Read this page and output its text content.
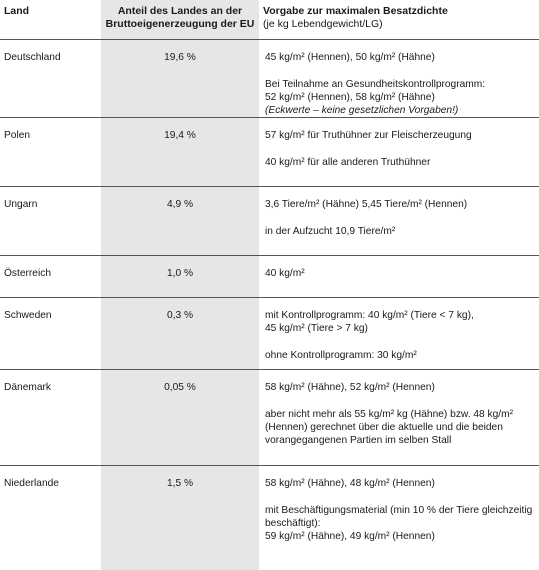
Land	Anteil des Landes an der Bruttoeigenerzeugung der EU	Vorgabe zur maximalen Besatzdichte
(je kg Lebendgewicht/LG)
Deutschland	19,6 %	45 kg/m² (Hennen), 50 kg/m² (Hähne)

Bei Teilnahme an Gesundheitskontrollprogramm:
52 kg/m² (Hennen), 58 kg/m² (Hähne)
(Eckwerte – keine gesetzlichen Vorgaben!)

Polen	19,4 %	57 kg/m² für Truthühner zur Fleischerzeugung

40 kg/m² für alle anderen Truthühner

Ungarn	4,9 %	3,6 Tiere/m² (Hähne) 5,45 Tiere/m² (Hennen)

in der Aufzucht 10,9 Tiere/m²

Österreich	1,0 %	40 kg/m²

Schweden	0,3 %	mit Kontrollprogramm: 40 kg/m² (Tiere < 7 kg),
45 kg/m² (Tiere > 7 kg)

ohne Kontrollprogramm: 30 kg/m²

Dänemark	0,05 %	58 kg/m² (Hähne), 52 kg/m² (Hennen)

aber nicht mehr als 55 kg/m² kg (Hähne) bzw. 48 kg/m² (Hennen) gerechnet über die aktuelle und die beiden vorangegangenen Partien im selben Stall

Niederlande	1,5 %	58 kg/m² (Hähne), 48 kg/m² (Hennen)

mit Beschäftigungsmaterial (min 10 % der Tiere gleichzeitig beschäftigt):
59 kg/m² (Hähne), 49 kg/m² (Hennen)
